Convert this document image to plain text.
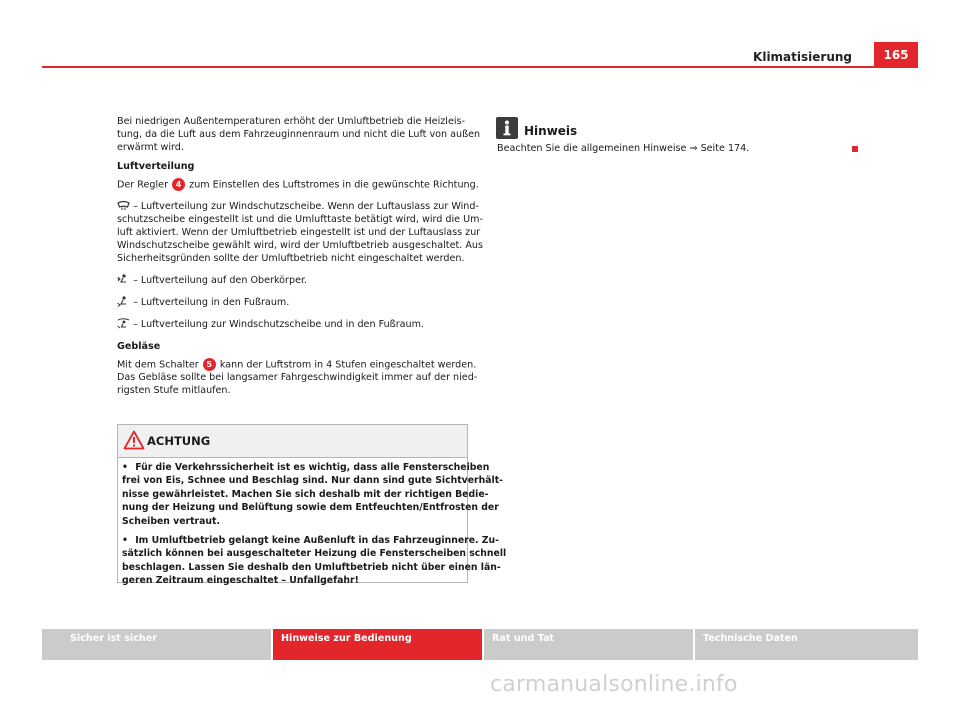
Klimatisierung	165

Bei niedrigen Außentemperaturen erhöht der Umluftbetrieb die Heizleis-
tung, da die Luft aus dem Fahrzeuginnenraum und nicht die Luft von außen
erwärmt wird.

Luftverteilung

Der Regler 4 zum Einstellen des Luftstromes in die gewünschte Richtung.

– Luftverteilung zur Windschutzscheibe. Wenn der Luftauslass zur Wind-
schutzscheibe eingestellt ist und die Umlufttaste betätigt wird, wird die Um-
luft aktiviert. Wenn der Umluftbetrieb eingestellt ist und der Luftauslass zur
Windschutzscheibe gewählt wird, wird der Umluftbetrieb ausgeschaltet. Aus
Sicherheitsgründen sollte der Umluftbetrieb nicht eingeschaltet werden.

– Luftverteilung auf den Oberkörper.

– Luftverteilung in den Fußraum.

– Luftverteilung zur Windschutzscheibe und in den Fußraum.

Gebläse

Mit dem Schalter 5 kann der Luftstrom in 4 Stufen eingeschaltet werden.

Das Gebläse sollte bei langsamer Fahrgeschwindigkeit immer auf der nied-
rigsten Stufe mitlaufen.

ACHTUNG
• Für die Verkehrssicherheit ist es wichtig, dass alle Fensterscheiben
frei von Eis, Schnee und Beschlag sind. Nur dann sind gute Sichtverhält-
nisse gewährleistet. Machen Sie sich deshalb mit der richtigen Bedie-
nung der Heizung und Belüftung sowie dem Entfeuchten/Entfrosten der
Scheiben vertraut.
• Im Umluftbetrieb gelangt keine Außenluft in das Fahrzeuginnere. Zu-
sätzlich können bei ausgeschalteter Heizung die Fensterscheiben schnell
beschlagen. Lassen Sie deshalb den Umluftbetrieb nicht über einen län-
geren Zeitraum eingeschaltet – Unfallgefahr!
Hinweis
Beachten Sie die allgemeinen Hinweise ⇒ Seite 174.
Sicher ist sicher	Hinweise zur Bedienung	Rat und Tat	Technische Daten
carmanualsonline.info
